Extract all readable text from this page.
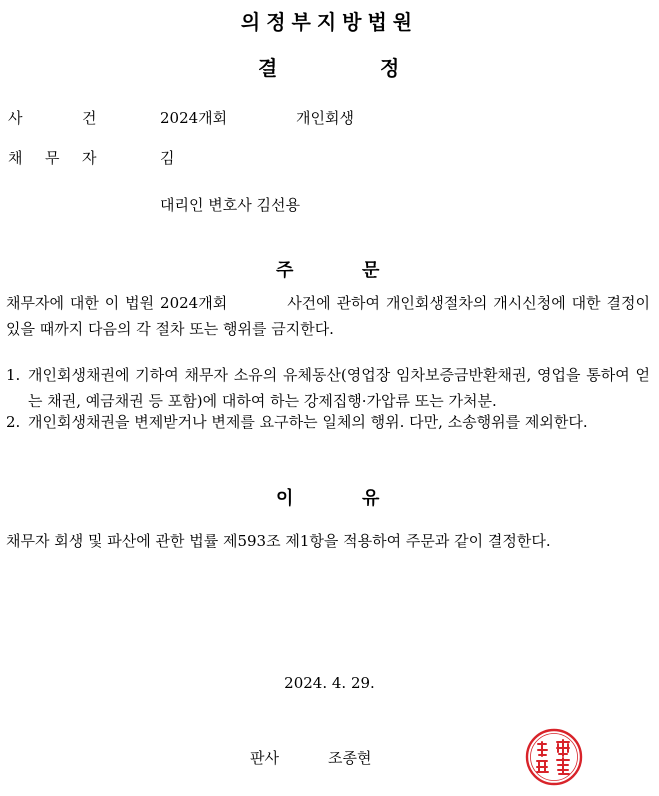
의정부지방법원
결	정
사	건	2024개회	개인회생
채 무 자	김
대리인 변호사 김선용
주	문
채무자에 대한 이 법원 2024개회	사건에 관하여 개인회생절차의 개시신청에 대한 결정이 있을 때까지 다음의 각 절차 또는 행위를 금지한다.
1. 개인회생채권에 기하여 채무자 소유의 유체동산(영업장 임차보증금반환채권, 영업을 통하여 얻는 채권, 예금채권 등 포함)에 대하여 하는 강제집행·가압류 또는 가처분.
2. 개인회생채권을 변제받거나 변제를 요구하는 일체의 행위. 다만, 소송행위를 제외한다.
이	유
채무자 회생 및 파산에 관한 법률 제593조 제1항을 적용하여 주문과 같이 결정한다.
2024. 4. 29.
판사	조종현
